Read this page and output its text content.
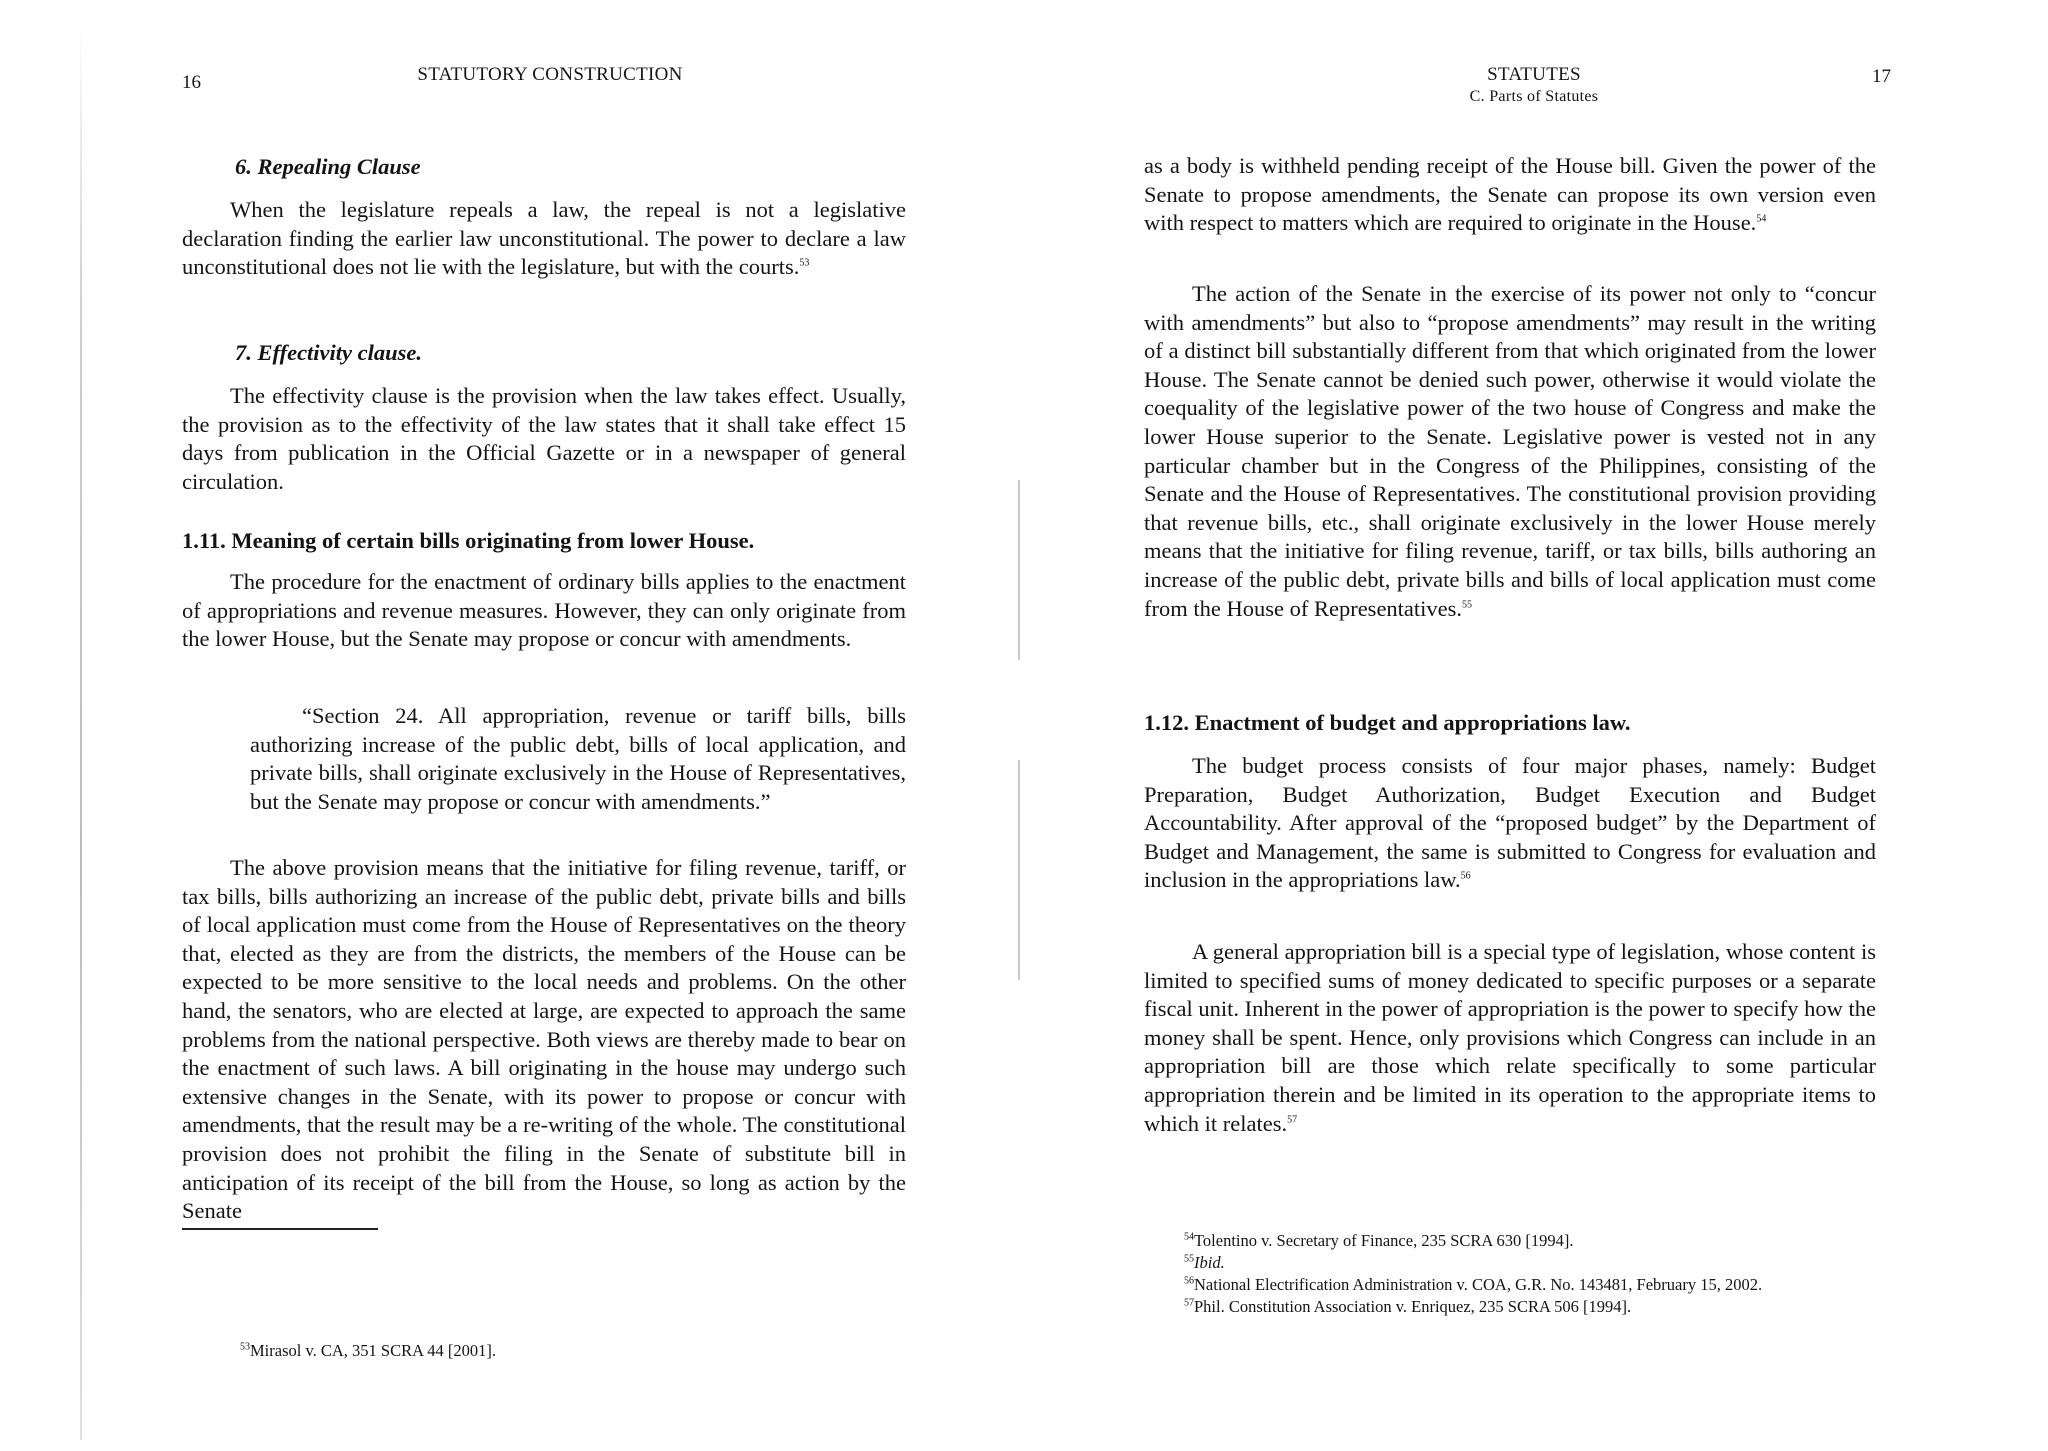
16	STATUTORY CONSTRUCTION
6. Repealing Clause

When the legislature repeals a law, the repeal is not a legislative declaration finding the earlier law unconstitutional. The power to declare a law unconstitutional does not lie with the legislature, but with the courts.$^{53}$

7. Effectivity clause.

The effectivity clause is the provision when the law takes effect. Usually, the provision as to the effectivity of the law states that it shall take effect 15 days from publication in the Official Gazette or in a newspaper of general circulation.

1.11. Meaning of certain bills originating from lower House.

The procedure for the enactment of ordinary bills applies to the enactment of appropriations and revenue measures. However, they can only originate from the lower House, but the Senate may propose or concur with amendments.

“Section 24. All appropriation, revenue or tariff bills, bills authorizing increase of the public debt, bills of local application, and private bills, shall originate exclusively in the House of Representatives, but the Senate may propose or concur with amendments.”

The above provision means that the initiative for filing revenue, tariff, or tax bills, bills authorizing an increase of the public debt, private bills and bills of local application must come from the House of Representatives on the theory that, elected as they are from the districts, the members of the House can be expected to be more sensitive to the local needs and problems. On the other hand, the senators, who are elected at large, are expected to approach the same problems from the national perspective. Both views are thereby made to bear on the enactment of such laws. A bill originating in the house may undergo such extensive changes in the Senate, with its power to propose or concur with amendments, that the result may be a re-writing of the whole. The constitutional provision does not prohibit the filing in the Senate of substitute bill in anticipation of its receipt of the bill from the House, so long as action by the Senate

$^{53}$Mirasol v. CA, 351 SCRA 44 [2001].

STATUTES
C. Parts of Statutes
17

as a body is withheld pending receipt of the House bill. Given the power of the Senate to propose amendments, the Senate can propose its own version even with respect to matters which are required to originate in the House.$^{54}$

The action of the Senate in the exercise of its power not only to “concur with amendments” but also to “propose amendments” may result in the writing of a distinct bill substantially different from that which originated from the lower House. The Senate cannot be denied such power, otherwise it would violate the coequality of the legislative power of the two house of Congress and make the lower House superior to the Senate. Legislative power is vested not in any particular chamber but in the Congress of the Philippines, consisting of the Senate and the House of Representatives. The constitutional provision providing that revenue bills, etc., shall originate exclusively in the lower House merely means that the initiative for filing revenue, tariff, or tax bills, bills authoring an increase of the public debt, private bills and bills of local application must come from the House of Representatives.$^{55}$

1.12. Enactment of budget and appropriations law.

The budget process consists of four major phases, namely: Budget Preparation, Budget Authorization, Budget Execution and Budget Accountability. After approval of the “proposed budget” by the Department of Budget and Management, the same is submitted to Congress for evaluation and inclusion in the appropriations law.$^{56}$

A general appropriation bill is a special type of legislation, whose content is limited to specified sums of money dedicated to specific purposes or a separate fiscal unit. Inherent in the power of appropriation is the power to specify how the money shall be spent. Hence, only provisions which Congress can include in an appropriation bill are those which relate specifically to some particular appropriation therein and be limited in its operation to the appropriate items to which it relates.$^{57}$

$^{54}$Tolentino v. Secretary of Finance, 235 SCRA 630 [1994].

$^{55}$Ibid.

$^{56}$National Electrification Administration v. COA, G.R. No. 143481, February 15, 2002.

$^{57}$Phil. Constitution Association v. Enriquez, 235 SCRA 506 [1994].
